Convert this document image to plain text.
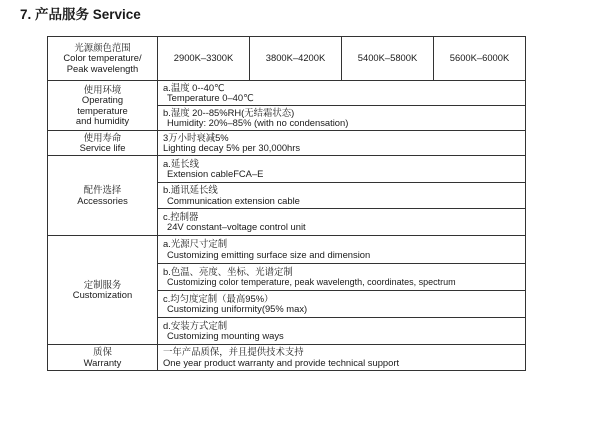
7. 产品服务 Service
光源颜色范围
Color temperature/
Peak wavelength	2900K–3300K	3800K–4200K	5400K–5800K	5600K–6000K

使用环境
Operating
temperature
and humidity	a.温度 0--40℃
Temperature 0–40℃			

	b.湿度 20--85%RH(无结霜状态)
Humidity: 20%–85% (with no condensation)			

使用寿命
Service life	3万小时衰减5%
Lighting decay 5% per 30,000hrs			

配件选择
Accessories	a.延长线
Extension cableFCA–E			

	b.通讯延长线
Communication extension cable			

	c.控制器
24V constant–voltage control unit			

定制服务
Customization	a.光源尺寸定制
Customizing emitting surface size and dimension			

	b.色温、亮度、坐标、光谱定制
Customizing color temperature, peak wavelength, coordinates, spectrum			

	c.均匀度定制（最高95%）
Customizing uniformity(95% max)			

	d.安装方式定制
Customizing mounting ways			

质保
Warranty	一年产品质保，并且提供技术支持
One year product warranty and provide technical support			
